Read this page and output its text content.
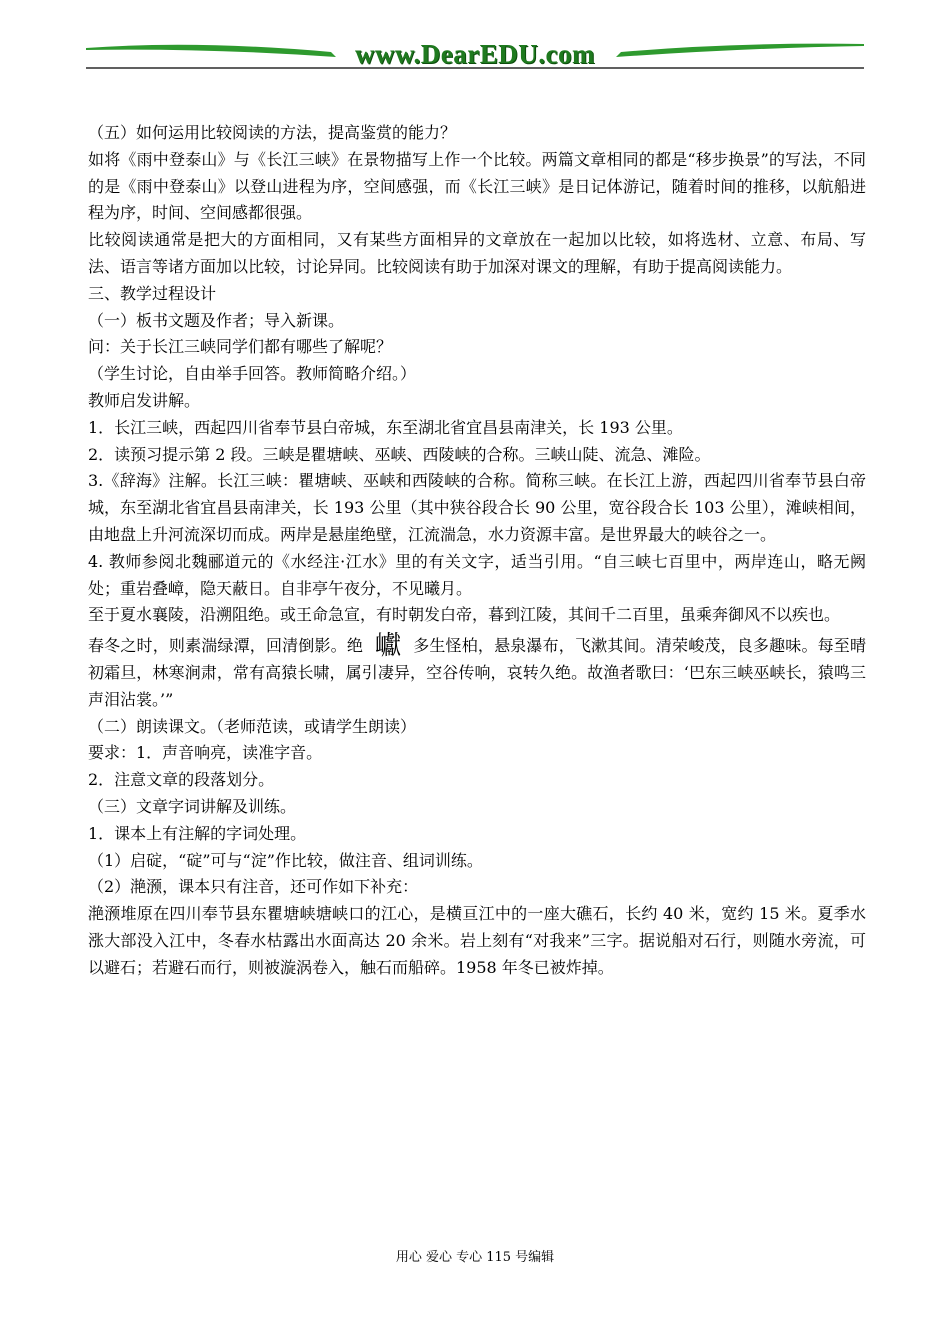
www.DearEDU.com

（五）如何运用比较阅读的方法，提高鉴赏的能力？

如将《雨中登泰山》与《长江三峡》在景物描写上作一个比较。两篇文章相同的都是“移步换景”的写法，不同的是《雨中登泰山》以登山进程为序，空间感强，而《长江三峡》是日记体游记，随着时间的推移，以航船进程为序，时间、空间感都很强。

比较阅读通常是把大的方面相同，又有某些方面相异的文章放在一起加以比较，如将选材、立意、布局、写法、语言等诸方面加以比较，讨论异同。比较阅读有助于加深对课文的理解，有助于提高阅读能力。

三、教学过程设计

（一）板书文题及作者；导入新课。

问：关于长江三峡同学们都有哪些了解呢？

（学生讨论，自由举手回答。教师简略介绍。）

教师启发讲解。

1．长江三峡，西起四川省奉节县白帝城，东至湖北省宜昌县南津关，长 193 公里。

2．读预习提示第 2 段。三峡是瞿塘峡、巫峡、西陵峡的合称。三峡山陡、流急、滩险。

3.《辞海》注解。长江三峡：瞿塘峡、巫峡和西陵峡的合称。简称三峡。在长江上游，西起四川省奉节县白帝城，东至湖北省宜昌县南津关，长 193 公里（其中狭谷段合长 90 公里，宽谷段合长 103 公里），滩峡相间，由地盘上升河流深切而成。两岸是悬崖绝壁，江流湍急，水力资源丰富。是世界最大的峡谷之一。

4. 教师参阅北魏郦道元的《水经注·江水》里的有关文字，适当引用。“自三峡七百里中，两岸连山，略无阙处；重岩叠嶂，隐天蔽日。自非亭午夜分，不见曦月。

至于夏水襄陵，沿溯阻绝。或王命急宣，有时朝发白帝，暮到江陵，其间千二百里，虽乘奔御风不以疾也。

春冬之时，则素湍绿潭，回清倒影。绝 巘 多生怪柏，悬泉瀑布，飞漱其间。清荣峻茂，良多趣味。每至晴初霜旦，林寒涧肃，常有高猿长啸，属引凄异，空谷传响，哀转久绝。故渔者歌曰：‘巴东三峡巫峡长，猿鸣三声泪沾裳。’”

（二）朗读课文。（老师范读，或请学生朗读）

要求：1．声音响亮，读准字音。

2．注意文章的段落划分。

（三）文章字词讲解及训练。

1．课本上有注解的字词处理。

（1）启碇，“碇”可与“淀”作比较，做注音、组词训练。

（2）滟滪，课本只有注音，还可作如下补充：

滟滪堆原在四川奉节县东瞿塘峡塘峡口的江心，是横亘江中的一座大礁石，长约 40 米，宽约 15 米。夏季水涨大部没入江中，冬春水枯露出水面高达 20 余米。岩上刻有“对我来”三字。据说船对石行，则随水旁流，可以避石；若避石而行，则被漩涡卷入，触石而船碎。1958 年冬已被炸掉。

用心 爱心 专心 115 号编辑
